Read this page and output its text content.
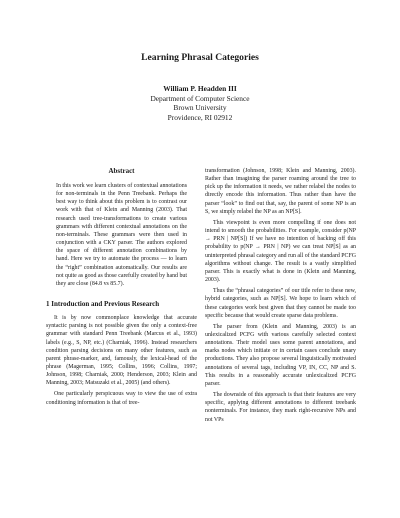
Learning Phrasal Categories
William P. Headden III
Department of Computer Science
Brown University
Providence, RI 02912
Abstract

In this work we learn clusters of contextual annotations for non-terminals in the Penn Treebank. Perhaps the best way to think about this problem is to contrast our work with that of Klein and Manning (2003). That research used tree-transformations to create various grammars with different contextual annotations on the non-terminals. These grammars were then used in conjunction with a CKY parser. The authors explored the space of different annotation combinations by hand. Here we try to automate the process — to learn the “right” combination automatically. Our results are not quite as good as those carefully created by hand but they are close (84.8 vs 85.7).

1 Introduction and Previous Research

It is by now commonplace knowledge that accurate syntactic parsing is not possible given the only a context-free grammar with standard Penn Treebank (Marcus et al., 1993) labels (e.g., S, NP, etc.) (Charniak, 1996). Instead researchers condition parsing decisions on many other features, such as parent phrase-marker, and, famously, the lexical-head of the phrase (Magerman, 1995; Collins, 1996; Collins, 1997; Johnson, 1998; Charniak, 2000; Henderson, 2003; Klein and Manning, 2003; Matsuzaki et al., 2005) (and others).

One particularly perspicuous way to view the use of extra conditioning information is that of tree-

transformation (Johnson, 1998; Klein and Manning, 2003). Rather than imagining the parser roaming around the tree to pick up the information it needs, we rather relabel the nodes to directly encode this information. Thus rather than have the parser “look” to find out that, say, the parent of some NP is an S, we simply relabel the NP as an NP[S].

This viewpoint is even more compelling if one does not intend to smooth the probabilities. For example, consider p(NP → PRN | NP[S]) If we have no intention of backing off this probability to p(NP → PRN | NP) we can treat NP[S] as an uninterpreted phrasal category and run all of the standard PCFG algorithms without change. The result is a vastly simplified parser. This is exactly what is done in (Klein and Manning, 2003).

Thus the “phrasal categories” of our title refer to these new, hybrid categories, such as NP[S]. We hope to learn which of these categories work best given that they cannot be made too specific because that would create sparse data problems.

The parser from (Klein and Manning, 2003) is an unlexicalized PCFG with various carefully selected context annotations. Their model uses some parent annotations, and marks nodes which initiate or in certain cases conclude unary productions. They also propose several linguistically motivated annotations of several tags, including VP, IN, CC, NP and S. This results in a reasonably accurate unlexicalized PCFG parser.

The downside of this approach is that their features are very specific, applying different annotations to different treebank nonterminals. For instance, they mark right-recursive NPs and not VPs
